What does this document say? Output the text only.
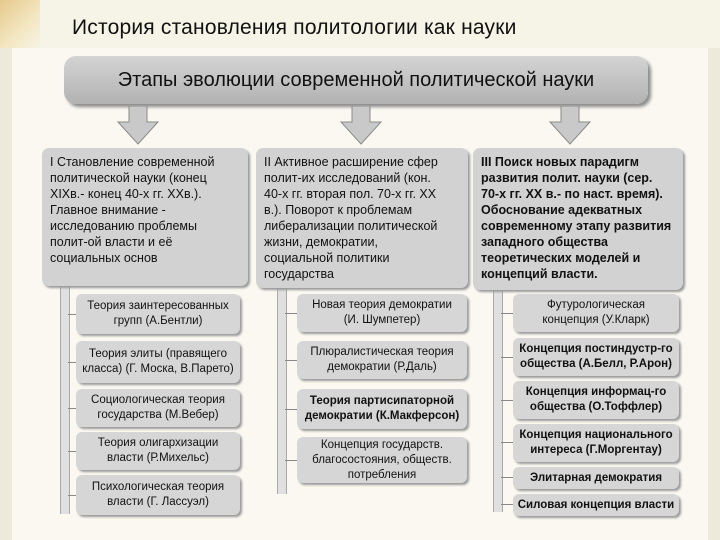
История становления политологии как науки
Этапы эволюции современной политической науки
I Становление современной
политической науки (конец
XIXв.- конец 40-х гг. XXв.).
Главное внимание -
исследованию проблемы
полит-ой власти и её
социальных основ
II Активное расширение сфер
полит-их исследований (кон.
40-х гг. вторая пол. 70-х гг. XX
в.). Поворот к проблемам
либерализации политической
жизни, демократии,
социальной политики
государства
III Поиск новых парадигм
развития полит. науки (сер.
70-х гг. XX в.- по наст. время).
Обоснование адекватных
современному этапу развития
западного общества
теоретических моделей и
концепций власти.
Теория заинтересованных
групп (А.Бентли)
Теория элиты (правящего
класса) (Г. Моска, В.Парето)
Социологическая теория
государства (М.Вебер)
Теория олигархизации
власти (Р.Михельс)
Психологическая теория
власти (Г. Лассуэл)
Новая теория демократии
(И. Шумпетер)
Плюралистическая теория
демократии (Р.Даль)
Теория партисипаторной
демократии (К.Макферсон)
Концепция государств.
благосостояния, обществ.
потребления
Футурологическая
концепция (У.Кларк)
Концепция постиндустр-го
общества (А.Белл, Р.Арон)
Концепция информац-го
общества (О.Тоффлер)
Концепция национального
интереса (Г.Моргентау)
Элитарная демократия
Силовая концепция власти
